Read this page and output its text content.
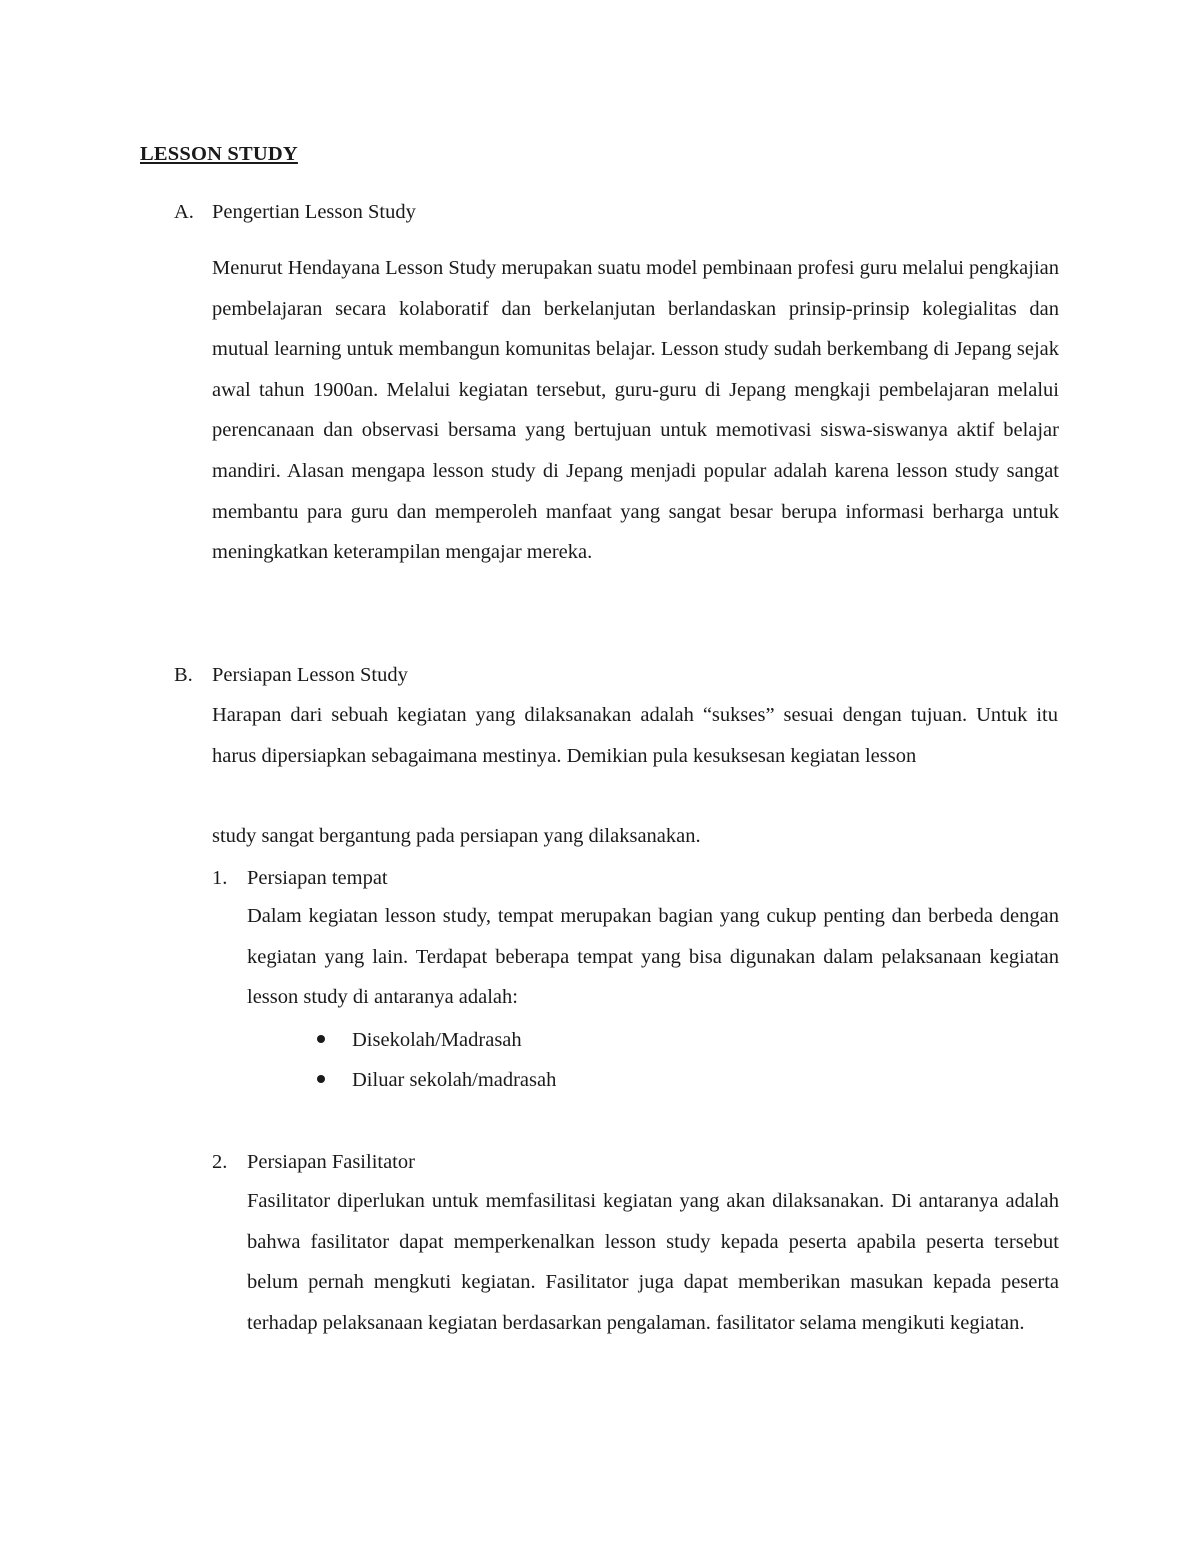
LESSON STUDY
A. Pengertian Lesson Study
Menurut Hendayana Lesson Study merupakan suatu model pembinaan profesi guru melalui pengkajian pembelajaran secara kolaboratif dan berkelanjutan berlandaskan prinsip-prinsip kolegialitas dan mutual learning untuk membangun komunitas belajar. Lesson study sudah berkembang di Jepang sejak awal tahun 1900an. Melalui kegiatan tersebut, guru-guru di Jepang mengkaji pembelajaran melalui perencanaan dan observasi bersama yang bertujuan untuk memotivasi siswa-siswanya aktif belajar mandiri. Alasan mengapa lesson study di Jepang menjadi popular adalah karena lesson study sangat membantu para guru dan memperoleh manfaat yang sangat besar berupa informasi berharga untuk meningkatkan keterampilan mengajar mereka.
B. Persiapan Lesson Study
Harapan dari sebuah kegiatan yang dilaksanakan adalah “sukses” sesuai dengan tujuan. Untuk itu harus dipersiapkan sebagaimana mestinya. Demikian pula kesuksesan kegiatan lesson
study sangat bergantung pada persiapan yang dilaksanakan.
1. Persiapan tempat
Dalam kegiatan lesson study, tempat merupakan bagian yang cukup penting dan berbeda dengan kegiatan yang lain. Terdapat beberapa tempat yang bisa digunakan dalam pelaksanaan kegiatan lesson study di antaranya adalah:
Disekolah/Madrasah
Diluar sekolah/madrasah
2. Persiapan Fasilitator
Fasilitator diperlukan untuk memfasilitasi kegiatan yang akan dilaksanakan. Di antaranya adalah bahwa fasilitator dapat memperkenalkan lesson study kepada peserta apabila peserta tersebut belum pernah mengkuti kegiatan. Fasilitator juga dapat memberikan masukan kepada peserta terhadap pelaksanaan kegiatan berdasarkan pengalaman. fasilitator selama mengikuti kegiatan.
